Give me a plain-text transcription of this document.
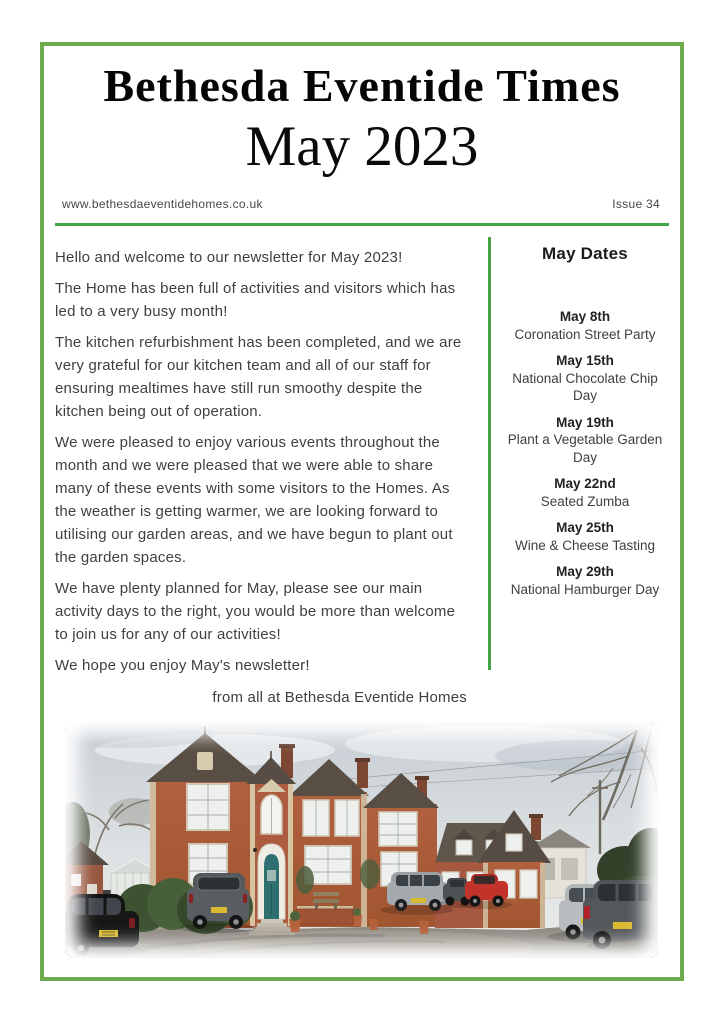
Bethesda Eventide Times
May 2023
www.bethesdaeventidehomes.co.uk	Issue 34

Hello and welcome to our newsletter for May 2023!

The Home has been full of activities and visitors which has led to a very busy month!

The kitchen refurbishment has been completed, and we are very grateful for our kitchen team and all of our staff for ensuring mealtimes have still run smoothy despite the kitchen being out of operation.

We were pleased to enjoy various events throughout the month and we were pleased that we were able to share many of these events with some visitors to the Homes. As the weather is getting warmer, we are looking forward to utilising our garden areas, and we have begun to plant out the garden spaces.

We have plenty planned for May, please see our main activity days to the right, you would be more than welcome to join us for any of our activities!

We hope you enjoy May's newsletter!

from all at Bethesda Eventide Homes
May Dates
May 8th
Coronation Street Party
May 15th
National Chocolate Chip Day
May 19th
Plant a Vegetable Garden Day
May 22nd
Seated Zumba
May 25th
Wine & Cheese Tasting
May 29th
National Hamburger Day
